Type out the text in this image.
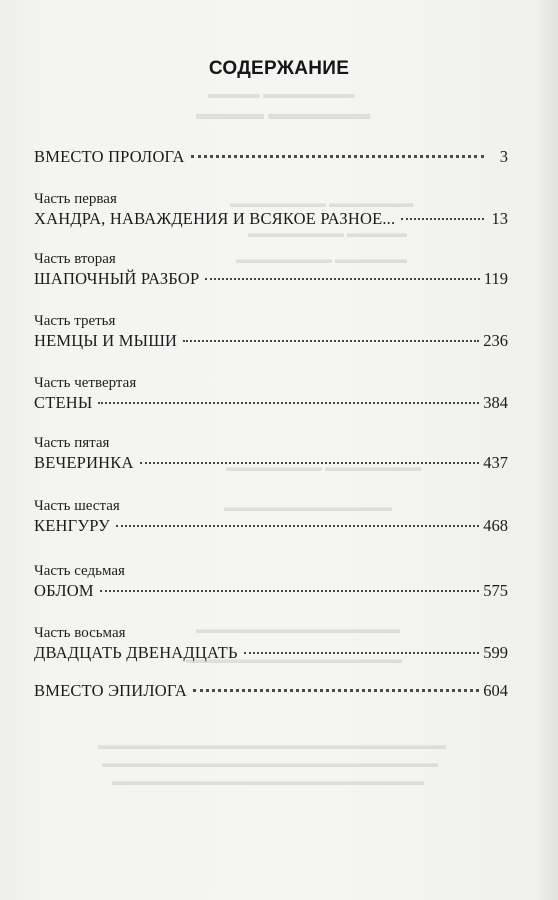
▬▬▬▬ ▬▬▬▬▬▬▬
▬▬▬▬ ▬▬▬▬▬▬
▬▬▬▬▬▬▬▬ ▬▬▬▬▬▬▬
▬▬▬▬▬▬▬▬ ▬▬▬▬▬
▬▬▬▬▬▬▬▬ ▬▬▬▬▬▬
▬▬▬▬▬▬▬▬ ▬▬▬▬▬▬▬▬
▬▬▬▬▬▬▬▬▬▬▬▬▬▬
▬▬▬▬▬▬▬▬▬▬▬▬▬▬▬▬▬
▬▬▬▬▬▬▬▬▬▬▬▬▬▬▬▬▬▬
▬▬▬▬▬▬▬▬▬▬▬▬▬▬▬▬▬▬▬▬▬▬▬▬▬▬▬▬▬
▬▬▬▬▬▬▬▬▬▬▬▬▬▬▬▬▬▬▬▬▬▬▬▬▬▬▬▬
▬▬▬▬▬▬▬▬▬▬▬▬▬▬▬▬▬▬▬▬▬▬▬▬▬▬
СОДЕРЖАНИЕ
ВМЕСТО ПРОЛОГА	3
Часть первая
ХАНДРА, НАВАЖДЕНИЯ И ВСЯКОЕ РАЗНОЕ...	13
Часть вторая
ШАПОЧНЫЙ РАЗБОР	119
Часть третья
НЕМЦЫ И МЫШИ	236
Часть четвертая
СТЕНЫ	384
Часть пятая
ВЕЧЕРИНКА	437
Часть шестая
КЕНГУРУ	468
Часть седьмая
ОБЛОМ	575
Часть восьмая
ДВАДЦАТЬ ДВЕНАДЦАТЬ	599
ВМЕСТО ЭПИЛОГА	604
